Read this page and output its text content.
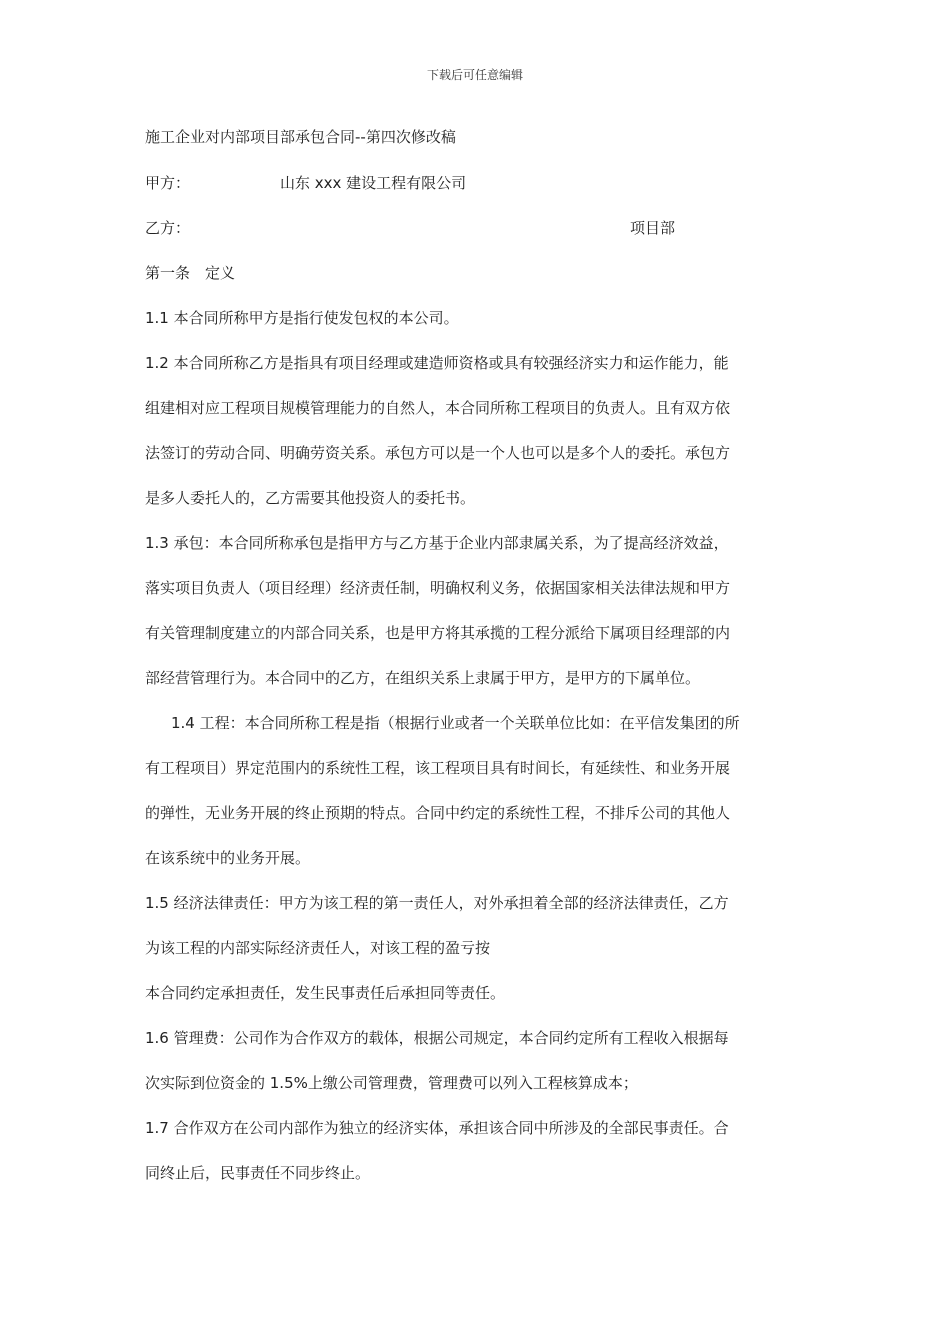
下载后可任意编辑
施工企业对内部项目部承包合同--第四次修改稿
甲方：	山东 xxx 建设工程有限公司
乙方：	项目部
第一条　定义
1.1 本合同所称甲方是指行使发包权的本公司。
1.2 本合同所称乙方是指具有项目经理或建造师资格或具有较强经济实力和运作能力，能
组建相对应工程项目规模管理能力的自然人，本合同所称工程项目的负责人。且有双方依
法签订的劳动合同、明确劳资关系。承包方可以是一个人也可以是多个人的委托。承包方
是多人委托人的，乙方需要其他投资人的委托书。
1.3 承包：本合同所称承包是指甲方与乙方基于企业内部隶属关系，为了提高经济效益，
落实项目负责人（项目经理）经济责任制，明确权利义务，依据国家相关法律法规和甲方
有关管理制度建立的内部合同关系，也是甲方将其承揽的工程分派给下属项目经理部的内
部经营管理行为。本合同中的乙方，在组织关系上隶属于甲方，是甲方的下属单位。
1.4 工程：本合同所称工程是指（根据行业或者一个关联单位比如：在平信发集团的所
有工程项目）界定范围内的系统性工程，该工程项目具有时间长，有延续性、和业务开展
的弹性，无业务开展的终止预期的特点。合同中约定的系统性工程，不排斥公司的其他人
在该系统中的业务开展。
1.5 经济法律责任：甲方为该工程的第一责任人，对外承担着全部的经济法律责任，乙方
为该工程的内部实际经济责任人，对该工程的盈亏按
本合同约定承担责任，发生民事责任后承担同等责任。
1.6 管理费：公司作为合作双方的载体，根据公司规定，本合同约定所有工程收入根据每
次实际到位资金的 1.5%上缴公司管理费，管理费可以列入工程核算成本；
1.7 合作双方在公司内部作为独立的经济实体，承担该合同中所涉及的全部民事责任。合
同终止后，民事责任不同步终止。
